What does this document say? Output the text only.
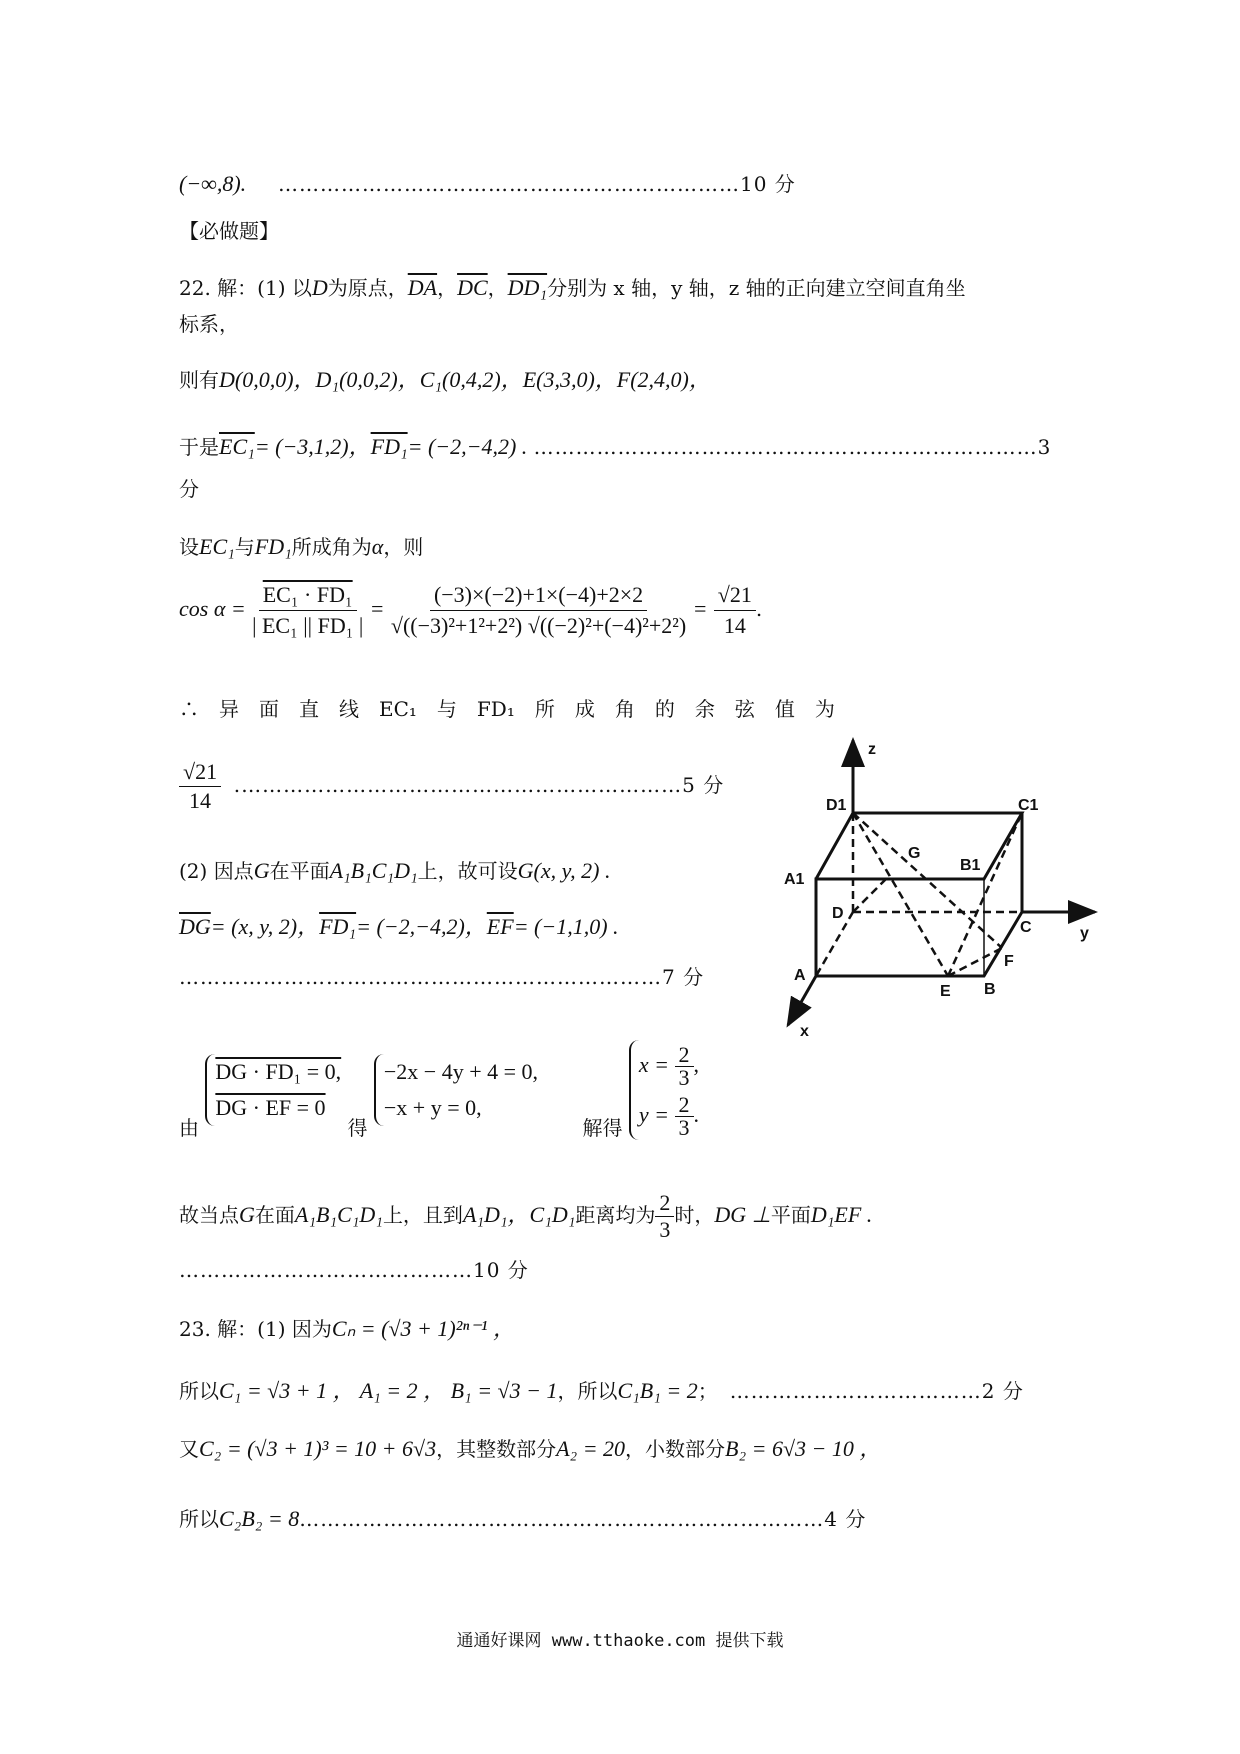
(−∞,8). …………………………………………………………10 分
【必做题】
22. 解：(1) 以D为原点，$\overline{DA}$，$\overline{DC}$，DD₁分别为 x 轴，y 轴，z 轴的正向建立空间直角坐
标系，
则有D(0,0,0)，D₁(0,0,2)，C₁(0,4,2)，E(3,3,0)，F(2,4,0)，
于是EC₁= (−3,1,2)，FD₁= (−2,−4,2) . ………………………………………………………………3
分
设EC₁与FD₁所成角为α，则
$\cos \alpha = \frac{\text{EC₁ · FD₁}}{\text{| EC₁ || FD₁ |}} = \frac{(-3)\times(-2)+1\times(-4)+2\times 2}{\text{√((−3)²+1²+2²) √((−2)²+(−4)²+2²)}} = \frac{√21}{14}$ .
∴　异　面　直　线　EC₁　与　FD₁　所　成　角　的　余　弦　值　为
$\frac{√21}{14}$ .………………………………………………………5 分
(2) 因点G在平面A₁B₁C₁D₁上，故可设G(x, y, 2) .
$\overline{DG}= (x$, y, 2)，FD₁= (−2,−4,2)，$\overline{EF}= (-1,1,0)$ .
……………………………………………………………7 分
由 $\frac{\text{DG · FD₁ = 0,}}{DG \cdot EF = 0}$ 得 −2x − 4y + 4 = 0,
−x + y = 0,       解得 $x = \frac{2}{3}$ ,
$y = \frac{2}{3}$ .
故当点G在面A₁B₁C₁D₁上，且到A₁D₁，C₁D₁距离均为 $\frac{2}{3}$ 时，DG ⊥平面D₁EF .
……………………………………10 分
23. 解：(1) 因为Cₙ = (√3 + 1)²ⁿ⁻¹ ，
所以C₁ = √3 + 1 ， A₁ = 2 ， B₁ = √3 − 1，所以C₁B₁ = 2；　………………………………2 分
又C₂ = (√3 + 1)³ = 10 + 6√3，其整数部分A₂ = 20，小数部分B₂ = 6√3 − 10 ，
所以C₂B₂ = 8…………………………………………………………………4 分
z
y
x
D1	C1
A1
B1
G
D
C
F
A
E B
通通好课网 www.tthaoke.com 提供下载
